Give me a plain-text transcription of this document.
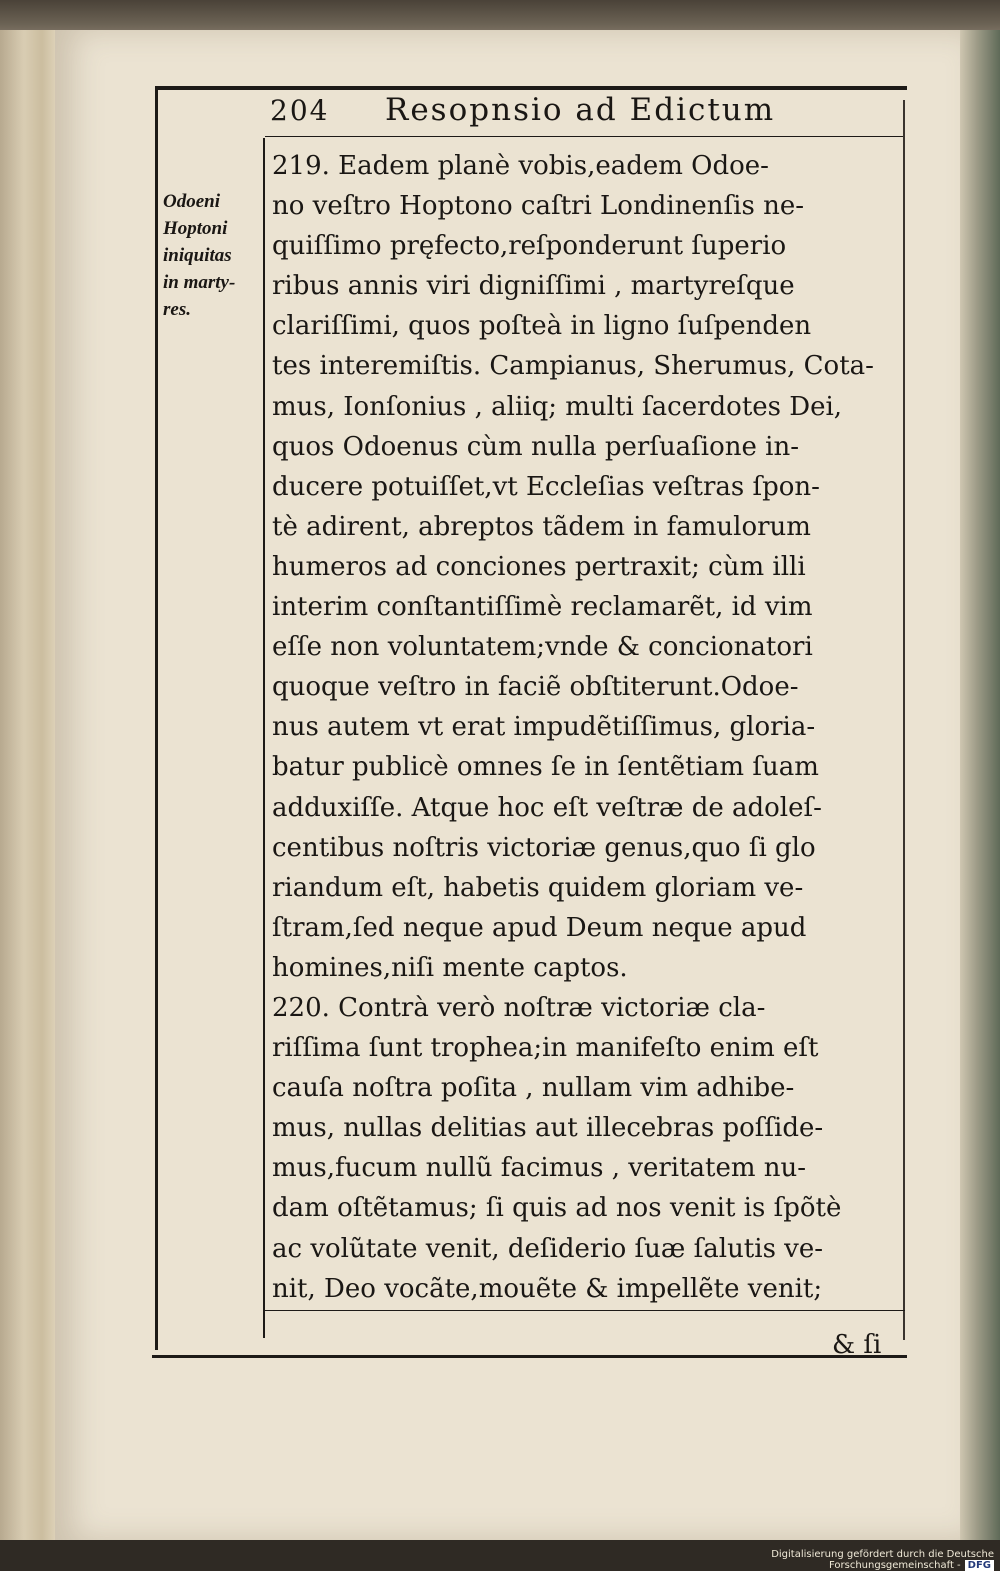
204 Resopnsio ad Edictum
Odoeni
Hoptoni
iniquitas
in marty-
res.
219. Eadem planè vobis,eadem Odoe-
no veſtro Hoptono caſtri Londinenſis ne-
quiſſimo pręfecto,reſponderunt ſuperio
ribus annis viri digniſſimi , martyreſque
clariſſimi, quos poſteà in ligno ſuſpenden
tes interemiſtis. Campianus, Sherumus, Cota-
mus, Ionſonius , aliiq; multi ſacerdotes Dei,
quos Odoenus cùm nulla perſuaſione in-
ducere potuiſſet,vt Eccleſias veſtras ſpon-
tè adirent, abreptos tãdem in famulorum
humeros ad conciones pertraxit; cùm illi
interim conſtantiſſimè reclamarẽt, id vim
eſſe non voluntatem;vnde & concionatori
quoque veſtro in faciẽ obſtiterunt.Odoe-
nus autem vt erat impudẽtiſſimus, gloria-
batur publicè omnes ſe in ſentẽtiam ſuam
adduxiſſe. Atque hoc eſt veſtræ de adoleſ-
centibus noſtris victoriæ genus,quo ſi glo
riandum eſt, habetis quidem gloriam ve-
ſtram,ſed neque apud Deum neque apud
homines,niſi mente captos.
220. Contrà verò noſtræ victoriæ cla-
riſſima ſunt trophea;in manifeſto enim eſt
cauſa noſtra poſita , nullam vim adhibe-
mus, nullas delitias aut illecebras poſſide-
mus,fucum nullũ facimus , veritatem nu-
dam oſtẽtamus; ſi quis ad nos venit is ſpõtè
ac volũtate venit, deſiderio ſuæ ſalutis ve-
nit, Deo vocãte,mouẽte & impellẽte venit;
& ſi
Digitalisierung gefördert durch die Deutsche Forschungsgemeinschaft - DFG
